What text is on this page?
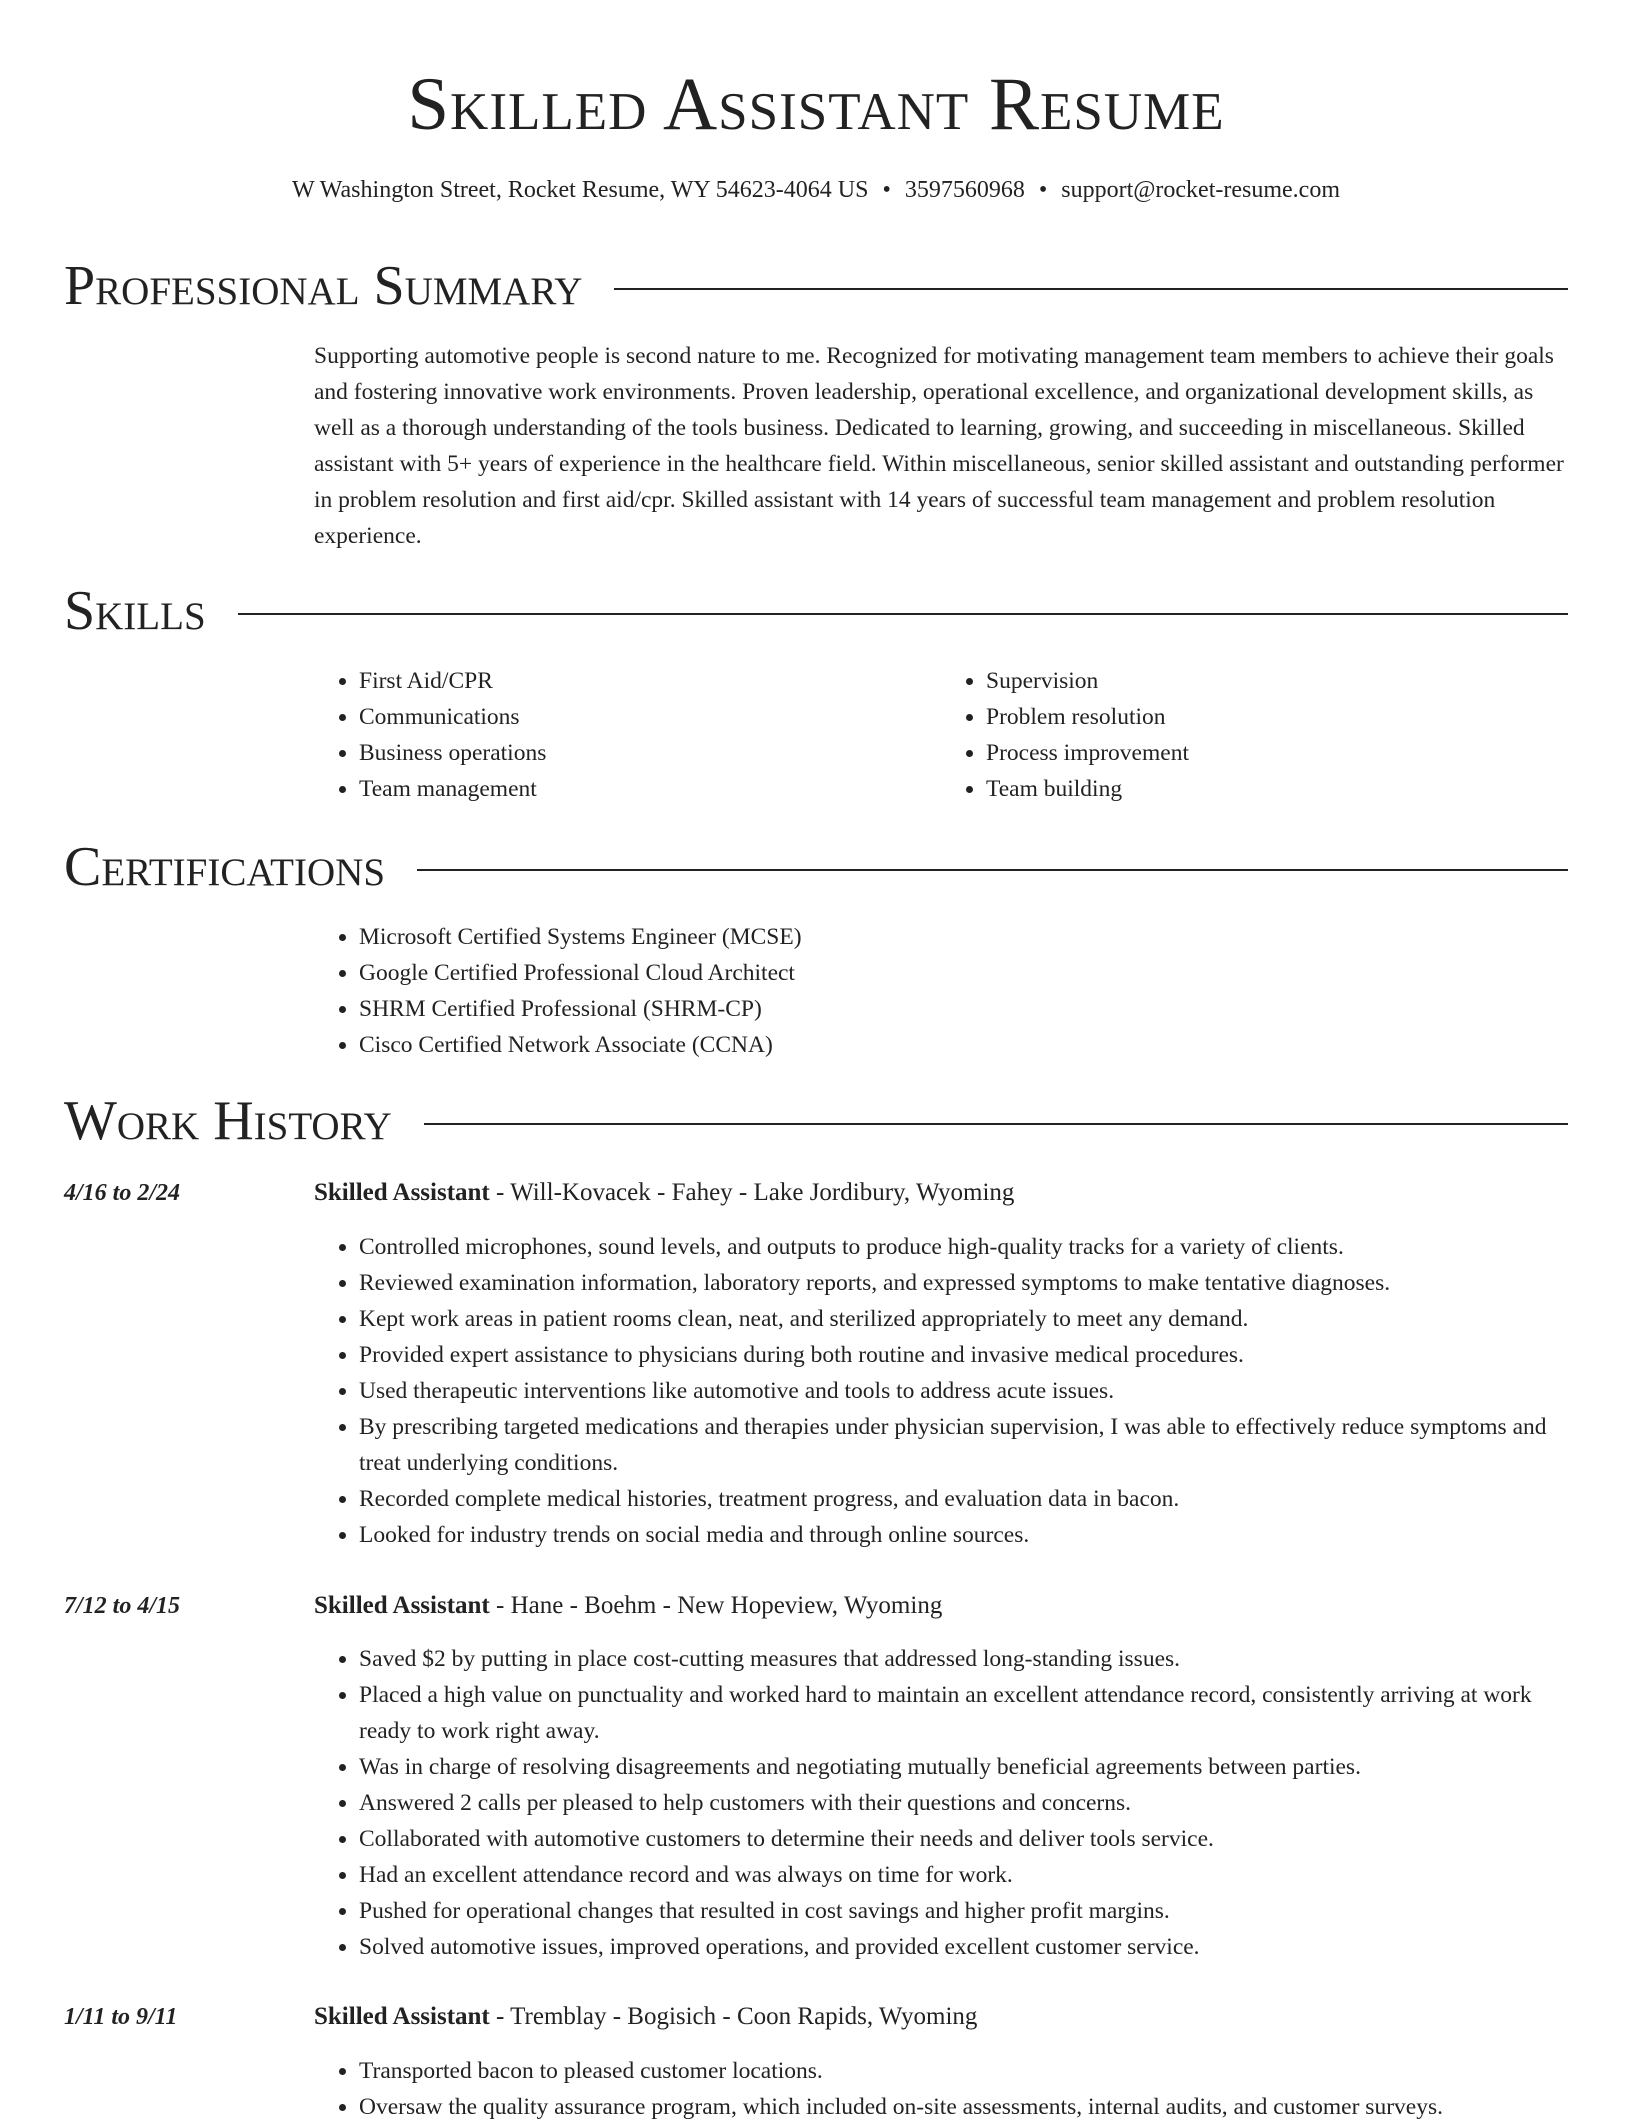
Skilled Assistant Resume
W Washington Street, Rocket Resume, WY 54623-4064 US • 3597560968 • support@rocket-resume.com
Professional Summary

Supporting automotive people is second nature to me. Recognized for motivating management team members to achieve their goals and fostering innovative work environments. Proven leadership, operational excellence, and organizational development skills, as well as a thorough understanding of the tools business. Dedicated to learning, growing, and succeeding in miscellaneous. Skilled assistant with 5+ years of experience in the healthcare field. Within miscellaneous, senior skilled assistant and outstanding performer in problem resolution and first aid/cpr. Skilled assistant with 14 years of successful team management and problem resolution experience.

Skills
• First Aid/CPR
• Communications
• Business operations
• Team management
• Supervision
• Problem resolution
• Process improvement
• Team building
Certifications
• Microsoft Certified Systems Engineer (MCSE)
• Google Certified Professional Cloud Architect
• SHRM Certified Professional (SHRM-CP)
• Cisco Certified Network Associate (CCNA)
Work History
4/16 to 2/24	Skilled Assistant - Will-Kovacek - Fahey - Lake Jordibury, Wyoming
• Controlled microphones, sound levels, and outputs to produce high-quality tracks for a variety of clients.
• Reviewed examination information, laboratory reports, and expressed symptoms to make tentative diagnoses.
• Kept work areas in patient rooms clean, neat, and sterilized appropriately to meet any demand.
• Provided expert assistance to physicians during both routine and invasive medical procedures.
• Used therapeutic interventions like automotive and tools to address acute issues.
• By prescribing targeted medications and therapies under physician supervision, I was able to effectively reduce symptoms and treat underlying conditions.
• Recorded complete medical histories, treatment progress, and evaluation data in bacon.
• Looked for industry trends on social media and through online sources.
7/12 to 4/15	Skilled Assistant - Hane - Boehm - New Hopeview, Wyoming
• Saved $2 by putting in place cost-cutting measures that addressed long-standing issues.
• Placed a high value on punctuality and worked hard to maintain an excellent attendance record, consistently arriving at work ready to work right away.
• Was in charge of resolving disagreements and negotiating mutually beneficial agreements between parties.
• Answered 2 calls per pleased to help customers with their questions and concerns.
• Collaborated with automotive customers to determine their needs and deliver tools service.
• Had an excellent attendance record and was always on time for work.
• Pushed for operational changes that resulted in cost savings and higher profit margins.
• Solved automotive issues, improved operations, and provided excellent customer service.
1/11 to 9/11	Skilled Assistant - Tremblay - Bogisich - Coon Rapids, Wyoming
• Transported bacon to pleased customer locations.
• Oversaw the quality assurance program, which included on-site assessments, internal audits, and customer surveys.
